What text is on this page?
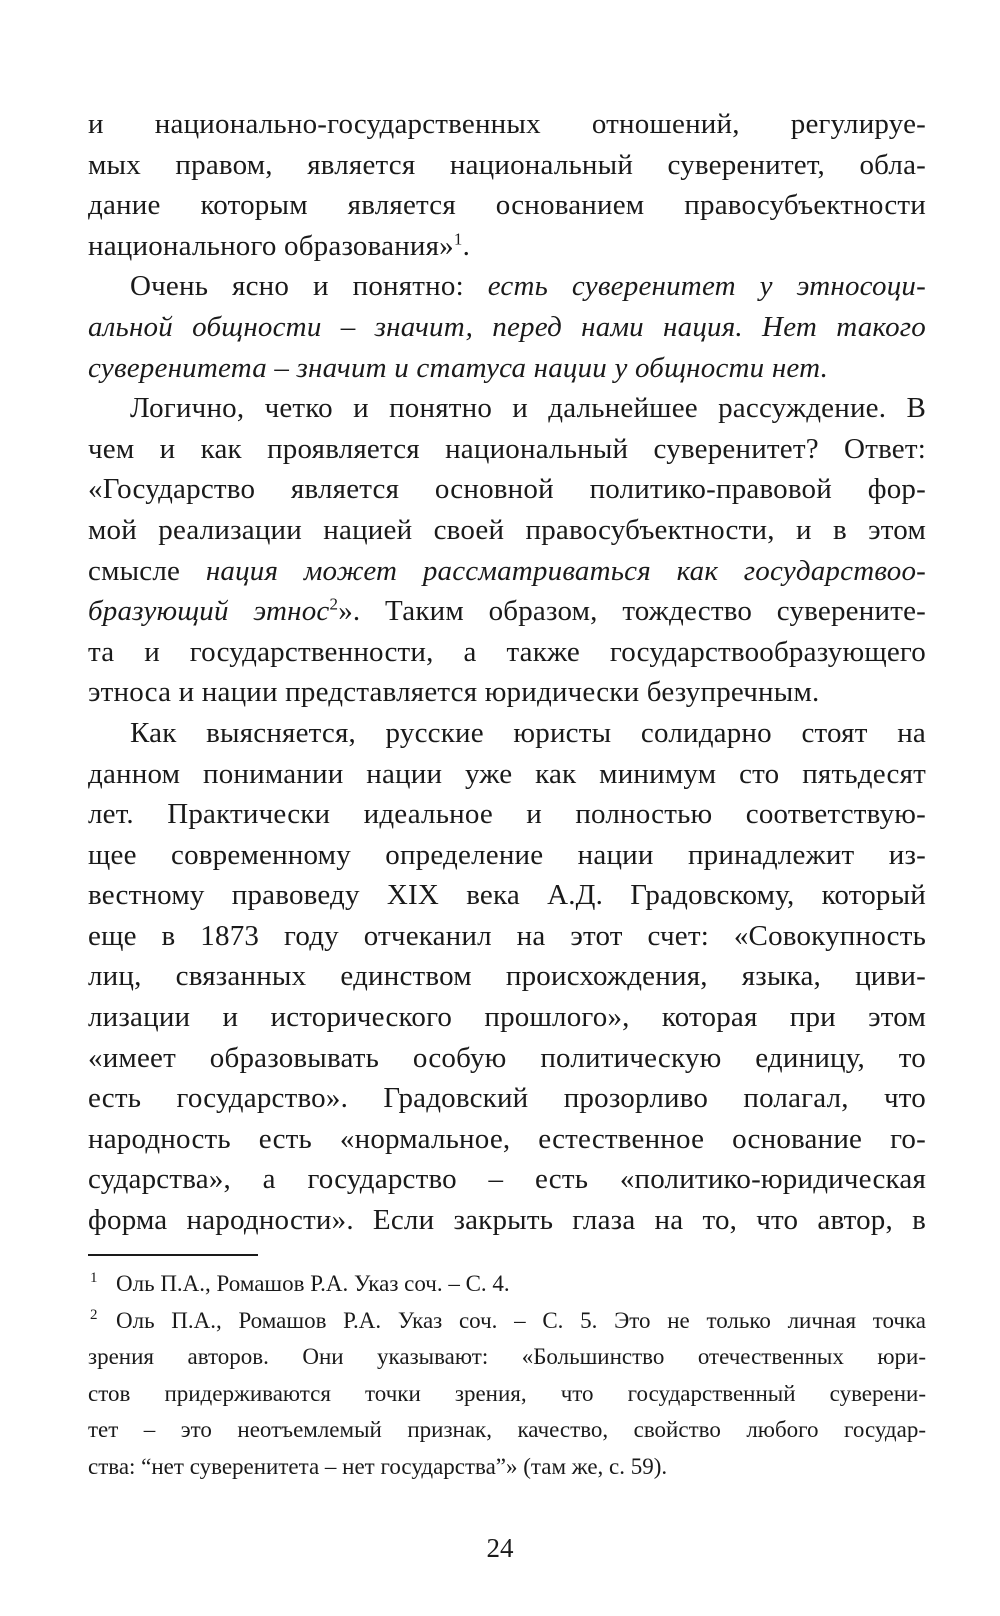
и национально-государственных отношений, регулируе-
мых правом, является национальный суверенитет, обла-
дание которым является основанием правосубъектности
национального образования»$^1$.
Очень ясно и понятно: есть суверенитет у этносоци-
альной общности – значит, перед нами нация. Нет такого
суверенитета – значит и статуса нации у общности нет.
Логично, четко и понятно и дальнейшее рассуждение. В
чем и как проявляется национальный суверенитет? Ответ:
«Государство является основной политико-правовой фор-
мой реализации нацией своей правосубъектности, и в этом
смысле нация может рассматриваться как государствоо-
бразующий этнос$^2$». Таким образом, тождество суверените-
та и государственности, а также государствообразующего
этноса и нации представляется юридически безупречным.
Как выясняется, русские юристы солидарно стоят на
данном понимании нации уже как минимум сто пятьдесят
лет. Практически идеальное и полностью соответствую-
щее современному определение нации принадлежит из-
вестному правоведу XIX века А.Д. Градовскому, который
еще в 1873 году отчеканил на этот счет: «Совокупность
лиц, связанных единством происхождения, языка, циви-
лизации и исторического прошлого», которая при этом
«имеет образовывать особую политическую единицу, то
есть государство». Градовский прозорливо полагал, что
народность есть «нормальное, естественное основание го-
сударства», а государство – есть «политико-юридическая
форма народности». Если закрыть глаза на то, что автор, в
1 Оль П.А., Ромашов Р.А. Указ соч. – С. 4.
2 Оль П.А., Ромашов Р.А. Указ соч. – С. 5. Это не только личная точка
зрения авторов. Они указывают: «Большинство отечественных юри-
стов придерживаются точки зрения, что государственный суверени-
тет – это неотъемлемый признак, качество, свойство любого государ-
ства: “нет суверенитета – нет государства”» (там же, с. 59).
24
